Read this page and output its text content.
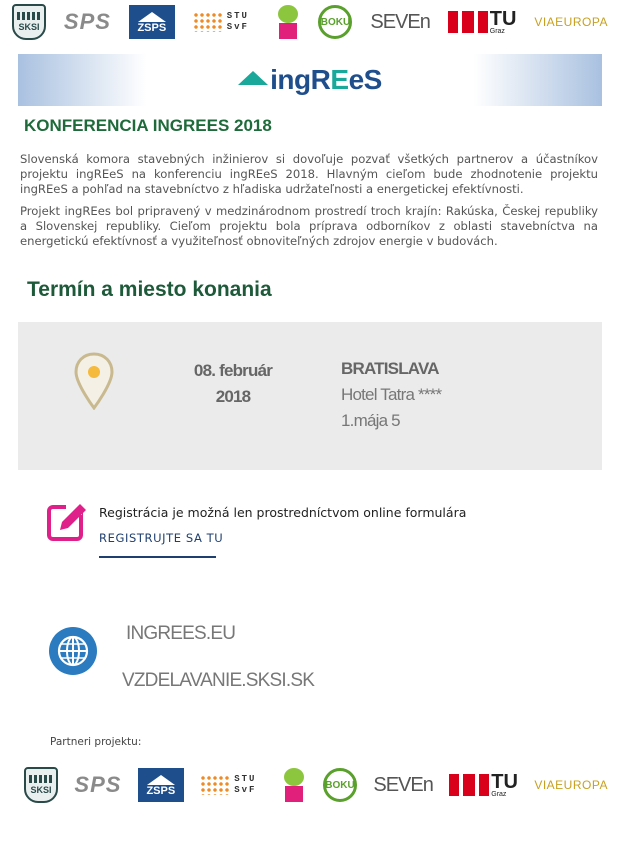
SKSI SPS ZSPS
STU SvF	BOKU SEVEn	TU
Graz
VIAEUROPA
ingREeS
KONFERENCIA INGREES 2018

Slovenská komora stavebných inžinierov si dovoľuje pozvať všetkých partnerov a účastníkov projektu ingREeS na konferenciu ingREeS 2018. Hlavným cieľom bude zhodnotenie projektu ingREeS a pohľad na stavebníctvo z hľadiska udržateľnosti a energetickej efektívnosti.

Projekt ingREes bol pripravený v medzinárodnom prostredí troch krajín: Rakúska, Českej republiky a Slovenskej republiky. Cieľom projektu bola príprava odborníkov z oblasti stavebníctva na energetickú efektívnosť a využiteľnosť obnoviteľných zdrojov energie v budovách.

Termín a miesto konania
08. február
2018
BRATISLAVA
Hotel Tatra ****
1.mája 5
Registrácia je možná len prostredníctvom online formulára
REGISTRUJTE SA TU
INGREES.EU
VZDELAVANIE.SKSI.SK
Partneri projektu:
SKSI SPS ZSPS
STU SvF	BOKU SEVEn	TU
Graz
VIAEUROPA
